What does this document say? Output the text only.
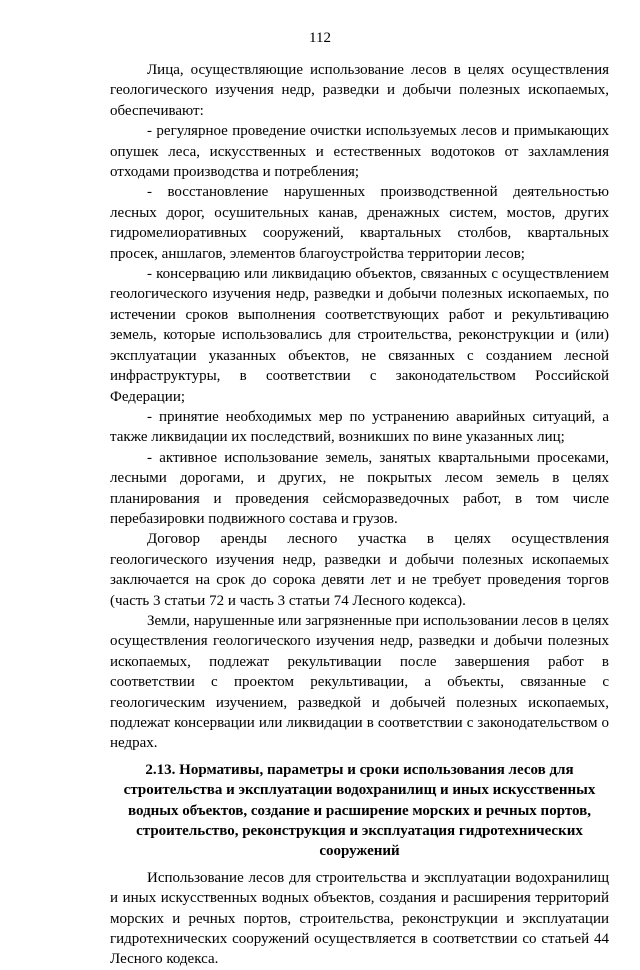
112

Лица, осуществляющие использование лесов в целях осуществления геологического изучения недр, разведки и добычи полезных ископаемых, обеспечивают:

- регулярное проведение очистки используемых лесов и примыкающих опушек леса, искусственных и естественных водотоков от захламления отходами производства и потребления;

- восстановление нарушенных производственной деятельностью лесных дорог, осушительных канав, дренажных систем, мостов, других гидромелиоративных сооружений, квартальных столбов, квартальных просек, аншлагов, элементов благоустройства территории лесов;

- консервацию или ликвидацию объектов, связанных с осуществлением геологического изучения недр, разведки и добычи полезных ископаемых, по истечении сроков выполнения соответствующих работ и рекультивацию земель, которые использовались для строительства, реконструкции и (или) эксплуатации указанных объектов, не связанных с созданием лесной инфраструктуры, в соответствии с законодательством Российской Федерации;

- принятие необходимых мер по устранению аварийных ситуаций, а также ликвидации их последствий, возникших по вине указанных лиц;

- активное использование земель, занятых квартальными просеками, лесными дорогами, и других, не покрытых лесом земель в целях планирования и проведения сейсморазведочных работ, в том числе перебазировки подвижного состава и грузов.

Договор аренды лесного участка в целях осуществления геологического изучения недр, разведки и добычи полезных ископаемых заключается на срок до сорока девяти лет и не требует проведения торгов (часть 3 статьи 72 и часть 3 статьи 74 Лесного кодекса).

Земли, нарушенные или загрязненные при использовании лесов в целях осуществления геологического изучения недр, разведки и добычи полезных ископаемых, подлежат рекультивации после завершения работ в соответствии с проектом рекультивации, а объекты, связанные с геологическим изучением, разведкой и добычей полезных ископаемых, подлежат консервации или ликвидации в соответствии с законодательством о недрах.

2.13. Нормативы, параметры и сроки использования лесов для строительства и эксплуатации водохранилищ и иных искусственных водных объектов, создание и расширение морских и речных портов, строительство, реконструкция и эксплуатация гидротехнических сооружений

Использование лесов для строительства и эксплуатации водохранилищ и иных искусственных водных объектов, создания и расширения территорий морских и речных портов, строительства, реконструкции и эксплуатации гидротехнических сооружений осуществляется в соответствии со статьей 44 Лесного кодекса.
